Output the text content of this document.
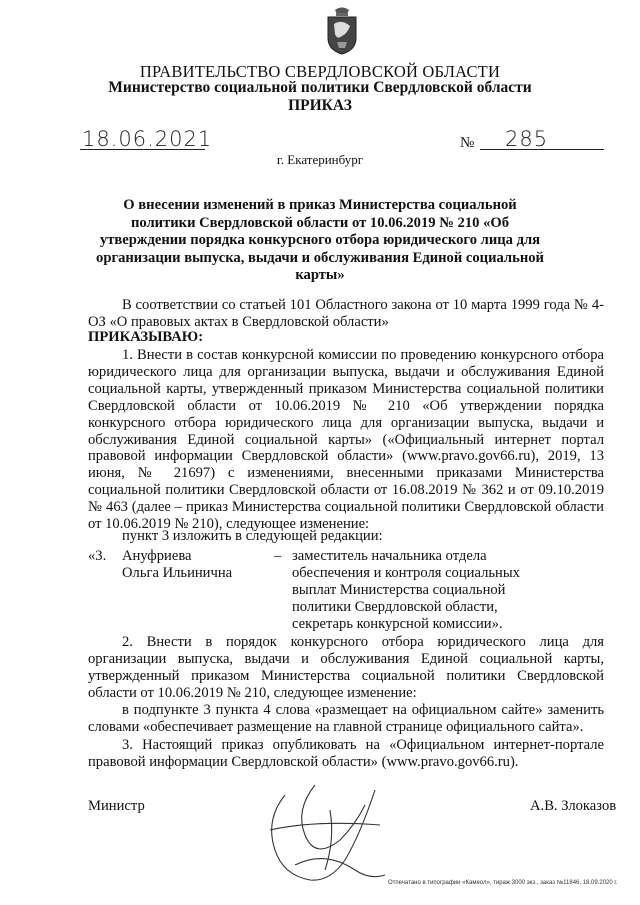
ПРАВИТЕЛЬСТВО СВЕРДЛОВСКОЙ ОБЛАСТИ
Министерство социальной политики Свердловской области
ПРИКАЗ
18.06.2021	№ 285
г. Екатеринбург
О внесении изменений в приказ Министерства социальной политики Свердловской области от 10.06.2019 № 210 «Об утверждении порядка конкурсного отбора юридического лица для организации выпуска, выдачи и обслуживания Единой социальной карты»
В соответствии со статьей 101 Областного закона от 10 марта 1999 года № 4-ОЗ «О правовых актах в Свердловской области»
ПРИКАЗЫВАЮ:
1. Внести в состав конкурсной комиссии по проведению конкурсного отбора юридического лица для организации выпуска, выдачи и обслуживания Единой социальной карты, утвержденный приказом Министерства социальной политики Свердловской области от 10.06.2019 № 210 «Об утверждении порядка конкурсного отбора юридического лица для организации выпуска, выдачи и обслуживания Единой социальной карты» («Официальный интернет портал правовой информации Свердловской области» (www.pravo.gov66.ru), 2019, 13 июня, № 21697) с изменениями, внесенными приказами Министерства социальной политики Свердловской области от 16.08.2019 № 362 и от 09.10.2019 № 463 (далее – приказ Министерства социальной политики Свердловской области от 10.06.2019 № 210), следующее изменение:
пункт 3 изложить в следующей редакции:
«3. Ануфриева
Ольга Ильинична
– заместитель начальника отдела
обеспечения и контроля социальных
выплат Министерства социальной
политики Свердловской области,
секретарь конкурсной комиссии».
2. Внести в порядок конкурсного отбора юридического лица для организации выпуска, выдачи и обслуживания Единой социальной карты, утвержденный приказом Министерства социальной политики Свердловской области от 10.06.2019 № 210, следующее изменение:
в подпункте 3 пункта 4 слова «размещает на официальном сайте» заменить словами «обеспечивает размещение на главной странице официального сайта».
3. Настоящий приказ опубликовать на «Официальном интернет-портале правовой информации Свердловской области» (www.pravo.gov66.ru).
Министр	А.В. Злоказов
Отпечатано в типографии «Камеол», тираж 3000 экз., заказ №11846, 18.09.2020 г.
